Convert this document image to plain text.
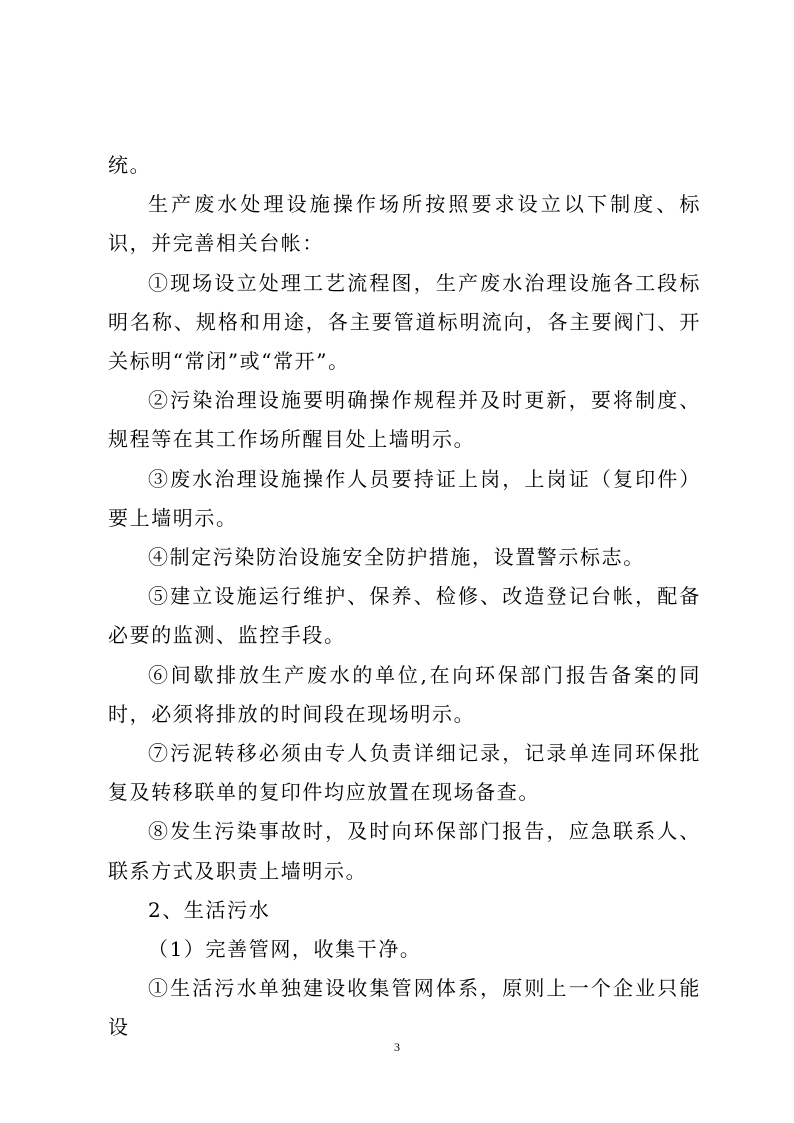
统。

生产废水处理设施操作场所按照要求设立以下制度、标识，并完善相关台帐：

①现场设立处理工艺流程图，生产废水治理设施各工段标明名称、规格和用途，各主要管道标明流向，各主要阀门、开关标明“常闭”或“常开”。

②污染治理设施要明确操作规程并及时更新，要将制度、规程等在其工作场所醒目处上墙明示。

③废水治理设施操作人员要持证上岗，上岗证（复印件）要上墙明示。

④制定污染防治设施安全防护措施，设置警示标志。

⑤建立设施运行维护、保养、检修、改造登记台帐，配备必要的监测、监控手段。

⑥间歇排放生产废水的单位,在向环保部门报告备案的同时，必须将排放的时间段在现场明示。

⑦污泥转移必须由专人负责详细记录，记录单连同环保批复及转移联单的复印件均应放置在现场备查。

⑧发生污染事故时，及时向环保部门报告，应急联系人、联系方式及职责上墙明示。

2、生活污水

（1）完善管网，收集干净。

①生活污水单独建设收集管网体系，原则上一个企业只能设

3
